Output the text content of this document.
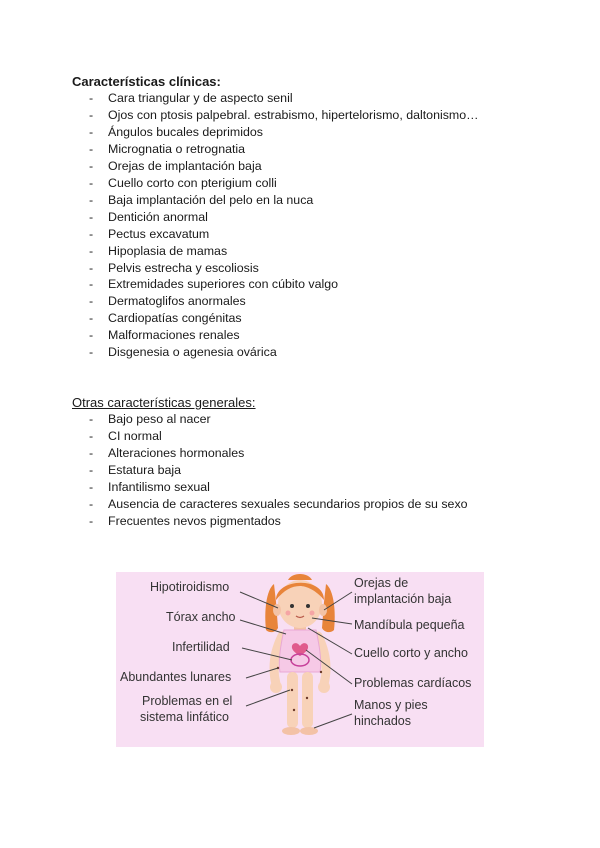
Características clínicas:

- Cara triangular y de aspecto senil
- Ojos con ptosis palpebral. estrabismo, hipertelorismo, daltonismo…
- Ángulos bucales deprimidos
- Micrognatia o retrognatia
- Orejas de implantación baja
- Cuello corto con pterigium colli
- Baja implantación del pelo en la nuca
- Dentición anormal
- Pectus excavatum
- Hipoplasia de mamas
- Pelvis estrecha y escoliosis
- Extremidades superiores con cúbito valgo
- Dermatoglifos anormales
- Cardiopatías congénitas
- Malformaciones renales
- Disgenesia o agenesia ovárica

Otras características generales:

- Bajo peso al nacer
- CI normal
- Alteraciones hormonales
- Estatura baja
- Infantilismo sexual
- Ausencia de caracteres sexuales secundarios propios de su sexo
- Frecuentes nevos pigmentados
Hipotiroidismo
Tórax ancho
Infertilidad
Abundantes lunares
Problemas en el
sistema linfático
Orejas de
implantación baja
Mandíbula pequeña
Cuello corto y ancho
Problemas cardíacos
Manos y pies
hinchados
